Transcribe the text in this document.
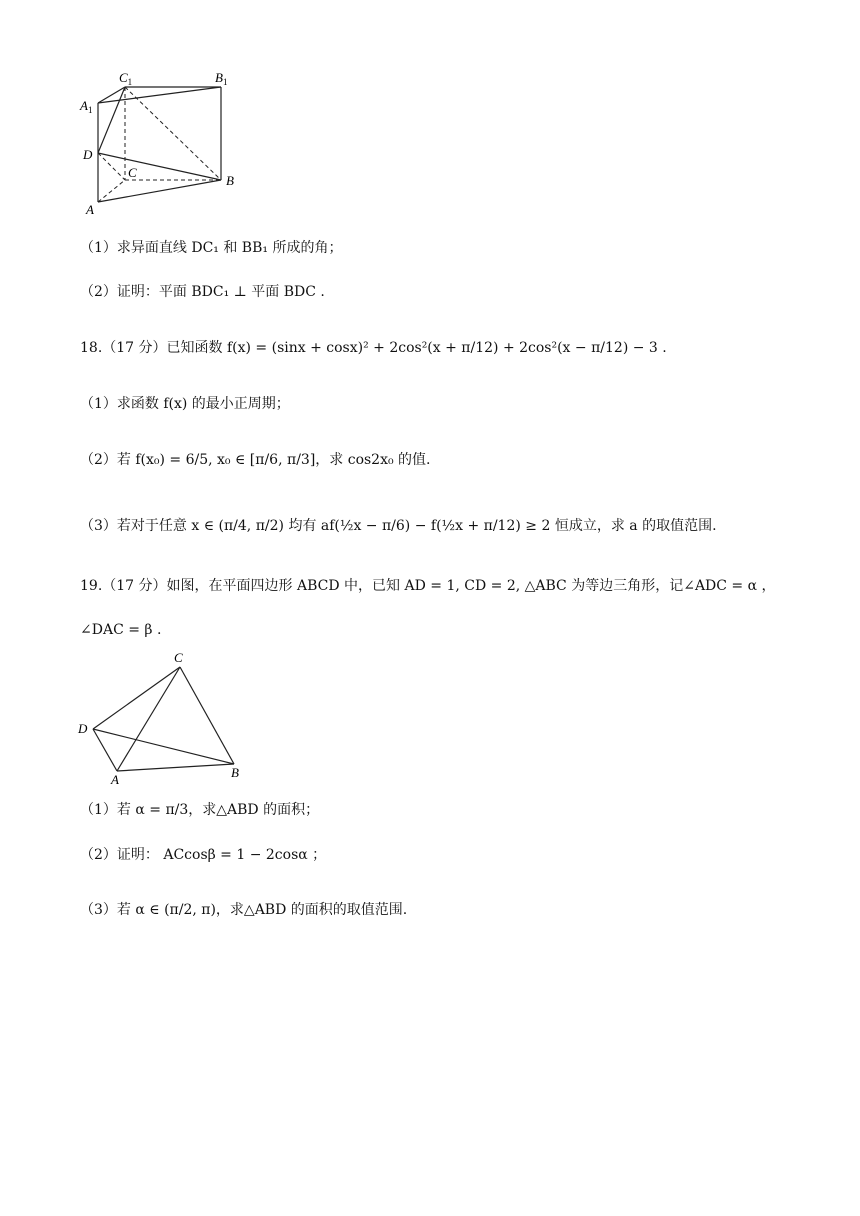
$A_1$
$C_1$	$B_1$
D
C
B
A
（1）求异面直线 DC₁ 和 BB₁ 所成的角；
（2）证明：平面 BDC₁ ⊥ 平面 BDC .
18.（17 分）已知函数 f(x) = (sinx + cosx)² + 2cos²(x + π/12) + 2cos²(x − π/12) − 3 .
（1）求函数 f(x) 的最小正周期；
（2）若 f(x₀) = 6/5, x₀ ∈ [π/6, π/3]，求 cos2x₀ 的值.
（3）若对于任意 x ∈ (π/4, π/2) 均有 af(½x − π/6) − f(½x + π/12) ≥ 2 恒成立，求 a 的取值范围.
19.（17 分）如图，在平面四边形 ABCD 中，已知 AD = 1, CD = 2, △ABC 为等边三角形，记∠ADC = α ，
∠DAC = β .
C
D
A	B
（1）若 α = π/3，求△ABD 的面积；
（2）证明： ACcosβ = 1 − 2cosα ；
（3）若 α ∈ (π/2, π)，求△ABD 的面积的取值范围.
